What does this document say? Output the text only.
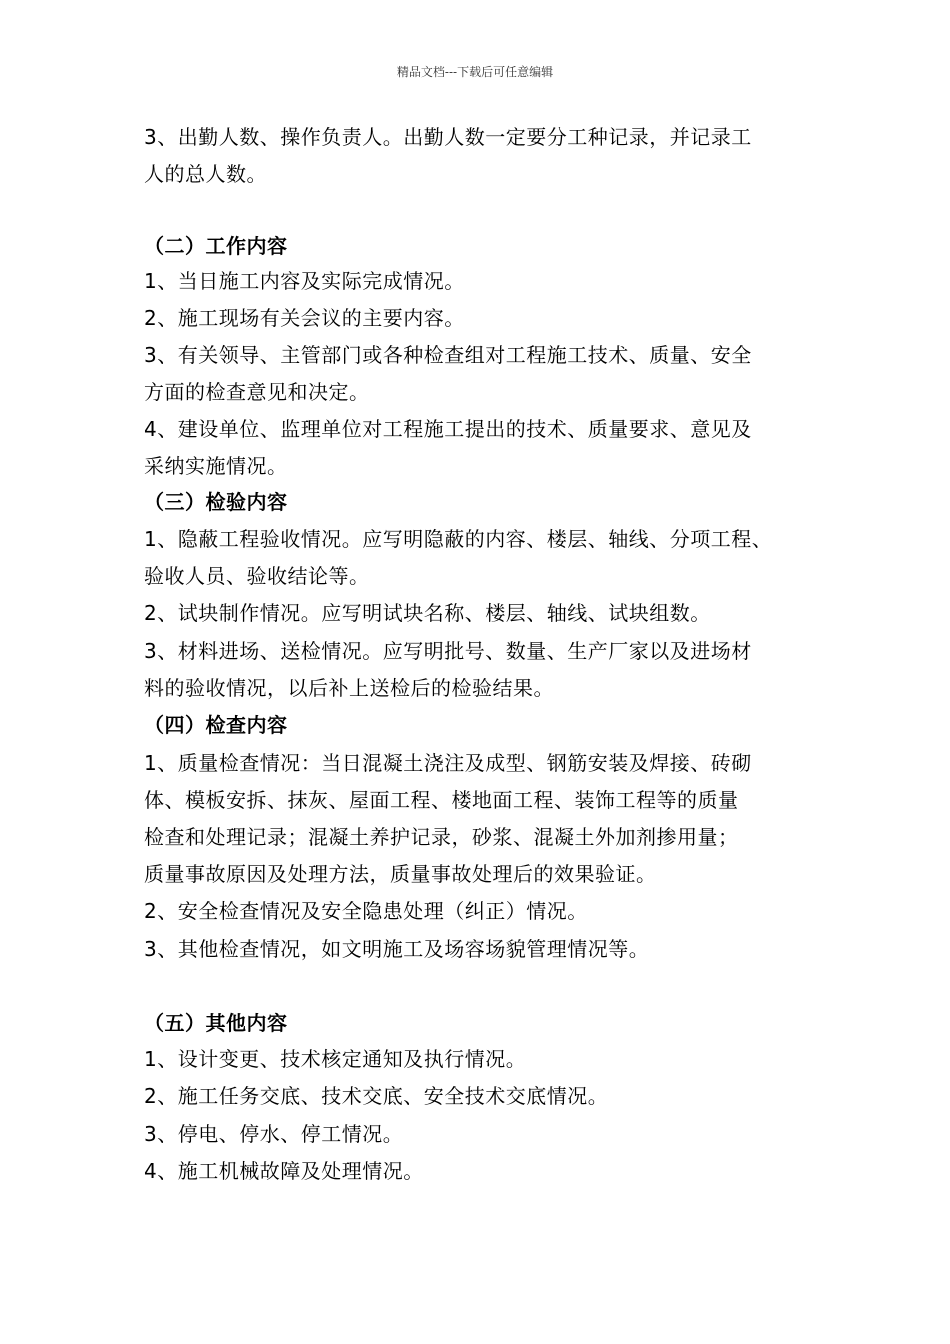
精品文档---下载后可任意编辑
3、出勤人数、操作负责人。出勤人数一定要分工种记录，并记录工
人的总人数。
（二）工作内容
1、当日施工内容及实际完成情况。
2、施工现场有关会议的主要内容。
3、有关领导、主管部门或各种检查组对工程施工技术、质量、安全
方面的检查意见和决定。
4、建设单位、监理单位对工程施工提出的技术、质量要求、意见及
采纳实施情况。
（三）检验内容
1、隐蔽工程验收情况。应写明隐蔽的内容、楼层、轴线、分项工程、
验收人员、验收结论等。
2、试块制作情况。应写明试块名称、楼层、轴线、试块组数。
3、材料进场、送检情况。应写明批号、数量、生产厂家以及进场材
料的验收情况，以后补上送检后的检验结果。
（四）检查内容
1、质量检查情况：当日混凝土浇注及成型、钢筋安装及焊接、砖砌
体、模板安拆、抹灰、屋面工程、楼地面工程、装饰工程等的质量
检查和处理记录；混凝土养护记录，砂浆、混凝土外加剂掺用量；
质量事故原因及处理方法，质量事故处理后的效果验证。
2、安全检查情况及安全隐患处理（纠正）情况。
3、其他检查情况，如文明施工及场容场貌管理情况等。
（五）其他内容
1、设计变更、技术核定通知及执行情况。
2、施工任务交底、技术交底、安全技术交底情况。
3、停电、停水、停工情况。
4、施工机械故障及处理情况。
